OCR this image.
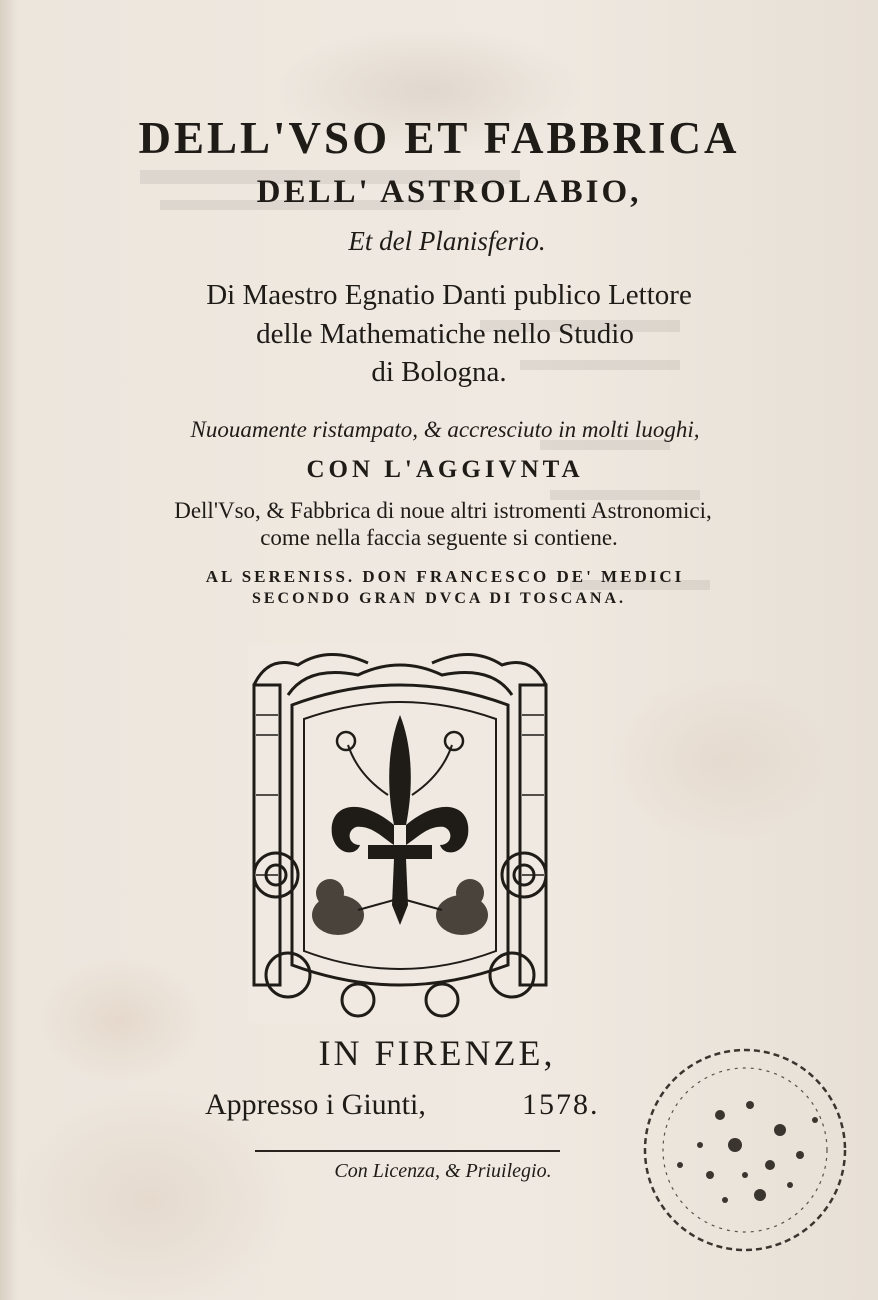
DELL'VSO ET FABBRICA
DELL' ASTROLABIO,
Et del Planisferio.
Di Maestro Egnatio Danti publico Lettore
delle Mathematiche nello Studio
di Bologna.
Nuouamente ristampato, & accresciuto in molti luoghi,
CON L'AGGIVNTA
Dell'Vso, & Fabbrica di noue altri istromenti Astronomici,
come nella faccia seguente si contiene.
AL SERENISS. DON FRANCESCO DE' MEDICI
SECONDO GRAN DVCA DI TOSCANA.
IN FIRENZE,
Appresso i Giunti,	1578.
Con Licenza, & Priuilegio.
